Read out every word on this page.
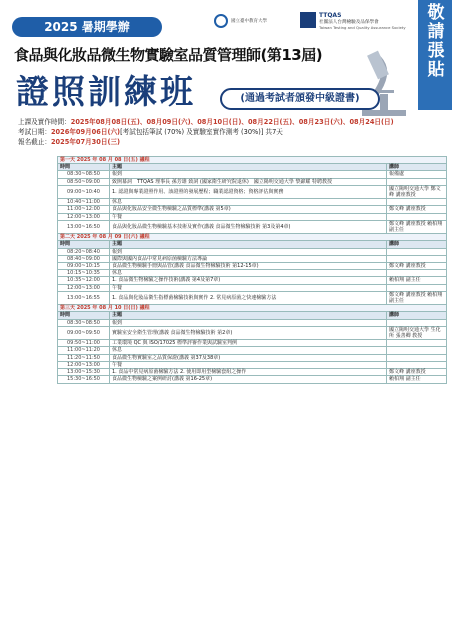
2025 暑期學辦	國立臺中教育大學
TTQAS
社團法人台灣檢驗及品保學會
Taiwan Testing and Quality Assurance Society
敬請張貼
食品與化妝品微生物實驗室品質管理師(第13屆)
證照訓練班	(通過考試者頒發中級證書)

上課及實作時間：2025年08月08日(五)、08月09日(六)、08月10日(日)、08月22日(五)、08月23日(六)、08月24日(日)

考試日期：2026年09月06日(六)[考試包括筆試 (70%) 及實驗室實作測考 (30%)] 共7天

報名截止：2025年07月30日(三)

第一天 2025 年 08 月 08 日(五) 議程		
時間	主題	講師
08:30~08:50	報到	報備處
08:50~09:00	致開幕詞　TTQAS 理事長 孫芳雄 致詞 (國家衛生研究院退休)　國立陽明交通大學 黎錦耀 特聘教授	
09:00~10:40	1. 認證與專業證照作用、該證照的發展歷程；職業認證資格；資格評估與實務	國立陽明交通大學 鄭文峰 講座教授
10:40~11:00	休息	
11:00~12:00	食品與化妝品安全微生物檢驗之品質標準(講義 第5章)	鄭文峰 講座教授
12:00~13:00	午餐	
13:00~16:50	食品與化妝品微生物檢驗基本技術及實作(講義 食品微生物檢驗技術 第3及第4章)	鄭文峰 講座教授 賴柏翔 副主任
第二天 2025 年 08 月 09 日(六) 議程		
時間	主題	講師
08:20~08:40	報到	
08:40~09:00	國際與國內食品中常見病原菌檢驗方法導論	
09:00~10:15	食品微生物檢驗手冊與品管(講義 食品微生物檢驗技術 第12-15章)	鄭文峰 講座教授
10:15~10:35	休息	
10:35~12:00	1. 食品微生物檢驗之操作技術(講義 第4及第7章)	賴柏翔 副主任
12:00~13:00	午餐	
13:00~16:55	1. 食品與化妝品衛生指標菌檢驗技術與實作 2. 常見病原菌之快速檢驗方法	鄭文峰 講座教授 賴柏翔 副主任
第三天 2025 年 08 月 10 日(日) 議程		
時間	主題	講師
08:30~08:50	報到	
09:00~09:50	實驗室安全衛生管理(講義 食品微生物檢驗技術 第2章)	國立陽明交通大學 生化所 張善卿 教授
09:50~11:00	工業環境 QC 與 ISO/17025 標準評審作業與試驗室判例	
11:00~11:20	休息	
11:20~11:50	食品微生物實驗室之品質保證(講義 第37及38章)	
12:00~13:00	午餐	
13:00~15:30	1. 食品中常見病原菌檢驗方法 2. 使用即用型檢驗套組之操作	鄭文峰 講座教授
15:30~16:50	食品微生物檢驗之案例研討(講義 第16-25章)	賴柏翔 副主任
